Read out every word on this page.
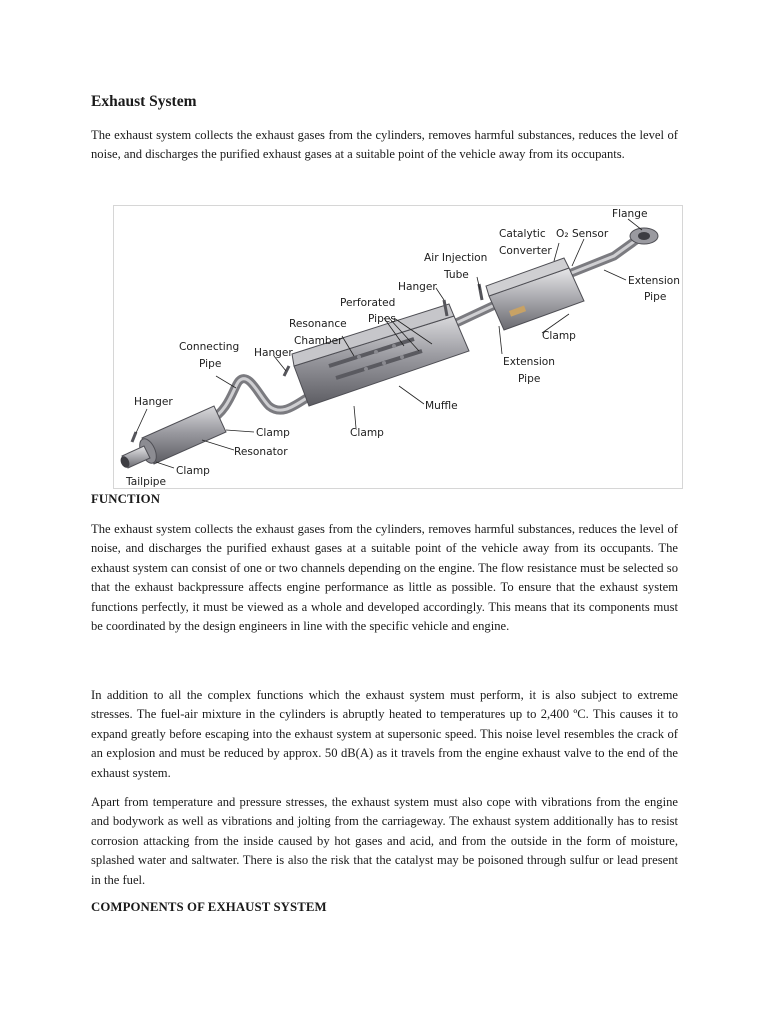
Exhaust System

The exhaust system collects the exhaust gases from the cylinders, removes harmful substances, reduces the level of noise, and discharges the purified exhaust gases at a suitable point of the vehicle away from its occupants.

Flange
Catalytic
Converter
O₂ Sensor
Air Injection
Tube	Extension
Pipe
Hanger
Perforated
Pipes
Resonance
Chamber	Clamp
Connecting
Pipe
Hanger
Extension
Pipe
Hanger	Muffle
Clamp
Clamp
Resonator
Clamp
Tailpipe
FUNCTION

The exhaust system collects the exhaust gases from the cylinders, removes harmful substances, reduces the level of noise, and discharges the purified exhaust gases at a suitable point of the vehicle away from its occupants. The exhaust system can consist of one or two channels depending on the engine. The flow resistance must be selected so that the exhaust backpressure affects engine performance as little as possible. To ensure that the exhaust system functions perfectly, it must be viewed as a whole and developed accordingly. This means that its components must be coordinated by the design engineers in line with the specific vehicle and engine.

In addition to all the complex functions which the exhaust system must perform, it is also subject to extreme stresses. The fuel-air mixture in the cylinders is abruptly heated to temperatures up to 2,400 ºC. This causes it to expand greatly before escaping into the exhaust system at supersonic speed. This noise level resembles the crack of an explosion and must be reduced by approx. 50 dB(A) as it travels from the engine exhaust valve to the end of the exhaust system.

Apart from temperature and pressure stresses, the exhaust system must also cope with vibrations from the engine and bodywork as well as vibrations and jolting from the carriageway. The exhaust system additionally has to resist corrosion attacking from the inside caused by hot gases and acid, and from the outside in the form of moisture, splashed water and saltwater. There is also the risk that the catalyst may be poisoned through sulfur or lead present in the fuel.

COMPONENTS OF EXHAUST SYSTEM
